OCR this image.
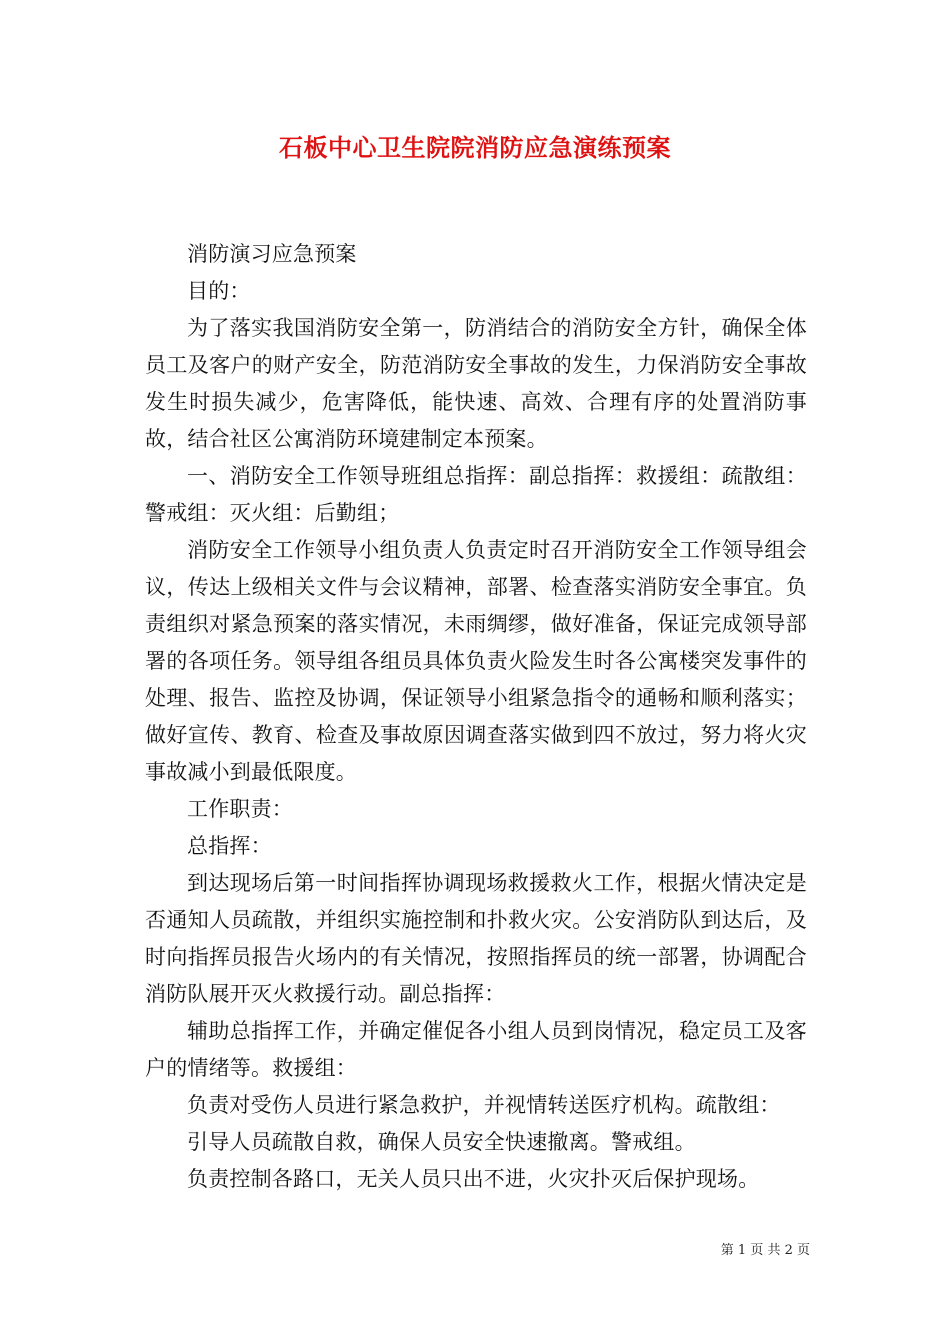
石板中心卫生院院消防应急演练预案

消防演习应急预案

目的：

为了落实我国消防安全第一，防消结合的消防安全方针，确保全体员工及客户的财产安全，防范消防安全事故的发生，力保消防安全事故发生时损失减少，危害降低，能快速、高效、合理有序的处置消防事故，结合社区公寓消防环境建制定本预案。

一、消防安全工作领导班组总指挥：副总指挥：救援组：疏散组：警戒组：灭火组：后勤组；

消防安全工作领导小组负责人负责定时召开消防安全工作领导组会议，传达上级相关文件与会议精神，部署、检查落实消防安全事宜。负责组织对紧急预案的落实情况，未雨绸缪，做好准备，保证完成领导部署的各项任务。领导组各组员具体负责火险发生时各公寓楼突发事件的处理、报告、监控及协调，保证领导小组紧急指令的通畅和顺利落实；做好宣传、教育、检查及事故原因调查落实做到四不放过，努力将火灾事故减小到最低限度。

工作职责：

总指挥：

到达现场后第一时间指挥协调现场救援救火工作，根据火情决定是否通知人员疏散，并组织实施控制和扑救火灾。公安消防队到达后，及时向指挥员报告火场内的有关情况，按照指挥员的统一部署，协调配合消防队展开灭火救援行动。副总指挥：

辅助总指挥工作，并确定催促各小组人员到岗情况，稳定员工及客户的情绪等。救援组：

负责对受伤人员进行紧急救护，并视情转送医疗机构。疏散组：

引导人员疏散自救，确保人员安全快速撤离。警戒组。

负责控制各路口，无关人员只出不进，火灾扑灭后保护现场。

第 1 页 共 2 页
